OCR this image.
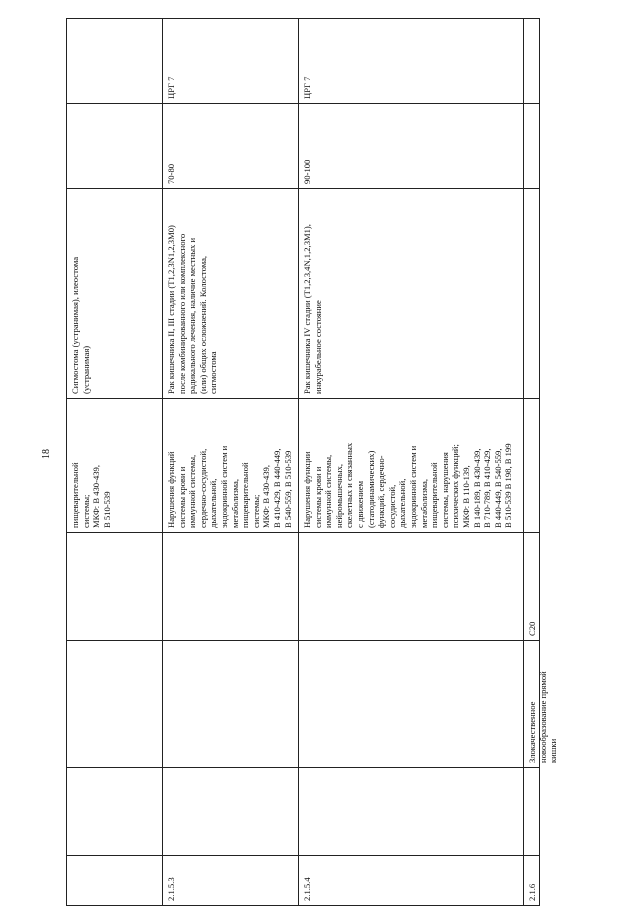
18
пищеварительной
системы;
МКФ: В 430-439,
В 510-539
Сигмостома (устранимая), илеостома
(устранимая)
2.1.5.3
Нарушения функций
системы крови и
иммунной системы,
сердечно-сосудистой,
дыхательной,
эндокринной систем и
метаболизма,
пищеварительной
системы;
МКФ: В 430-439,
В 410-429, В 440-449,
В 540-559, В 510-539
Рак кишечника II, III стадии (T1,2,3N1,2,3M0)
после комбинированного или комплексного
радикального лечения, наличие местных и
(или) общих осложнений. Колостома,
сигмостома
70-80
ЦРГ 7
2.1.5.4
Нарушения функции
системы крови и
иммунной системы,
нейромышечных,
скелетных и связанных
с движением
(статодинамических)
функций, сердечно-
сосудистой,
дыхательной,
эндокринной систем и
метаболизма,
пищеварительной
системы, нарушения
психических функций;
МКФ: В 110-139,
В 140-189, В 430-439,
В 710-789, В 410-429,
В 440-449, В 540-559,
В 510-539 В 198, В 199
Рак кишечника IV стадии (T1,2,3,4N,1,2,3M1),
инкурабельное состояние
90-100
ЦРГ 7
2.1.6
Злокачественное
новообразование прямой
кишки
С20
